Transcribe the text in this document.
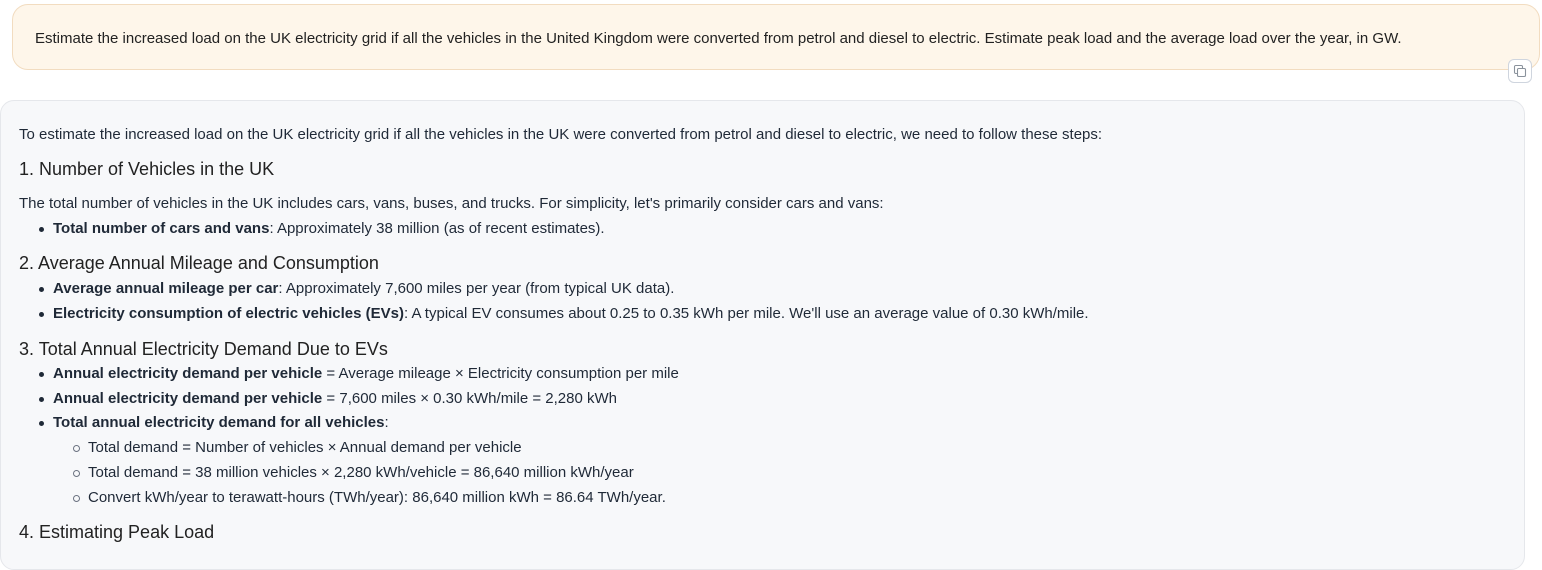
Estimate the increased load on the UK electricity grid if all the vehicles in the United Kingdom were converted from petrol and diesel to electric. Estimate peak load and the average load over the year, in GW.
To estimate the increased load on the UK electricity grid if all the vehicles in the UK were converted from petrol and diesel to electric, we need to follow these steps:
1. Number of Vehicles in the UK
The total number of vehicles in the UK includes cars, vans, buses, and trucks. For simplicity, let's primarily consider cars and vans:
Total number of cars and vans: Approximately 38 million (as of recent estimates).
2. Average Annual Mileage and Consumption
Average annual mileage per car: Approximately 7,600 miles per year (from typical UK data).
Electricity consumption of electric vehicles (EVs): A typical EV consumes about 0.25 to 0.35 kWh per mile. We'll use an average value of 0.30 kWh/mile.
3. Total Annual Electricity Demand Due to EVs
Annual electricity demand per vehicle = Average mileage × Electricity consumption per mile
Annual electricity demand per vehicle = 7,600 miles × 0.30 kWh/mile = 2,280 kWh
Total annual electricity demand for all vehicles:
Total demand = Number of vehicles × Annual demand per vehicle
Total demand = 38 million vehicles × 2,280 kWh/vehicle = 86,640 million kWh/year
Convert kWh/year to terawatt-hours (TWh/year): 86,640 million kWh = 86.64 TWh/year.
4. Estimating Peak Load
